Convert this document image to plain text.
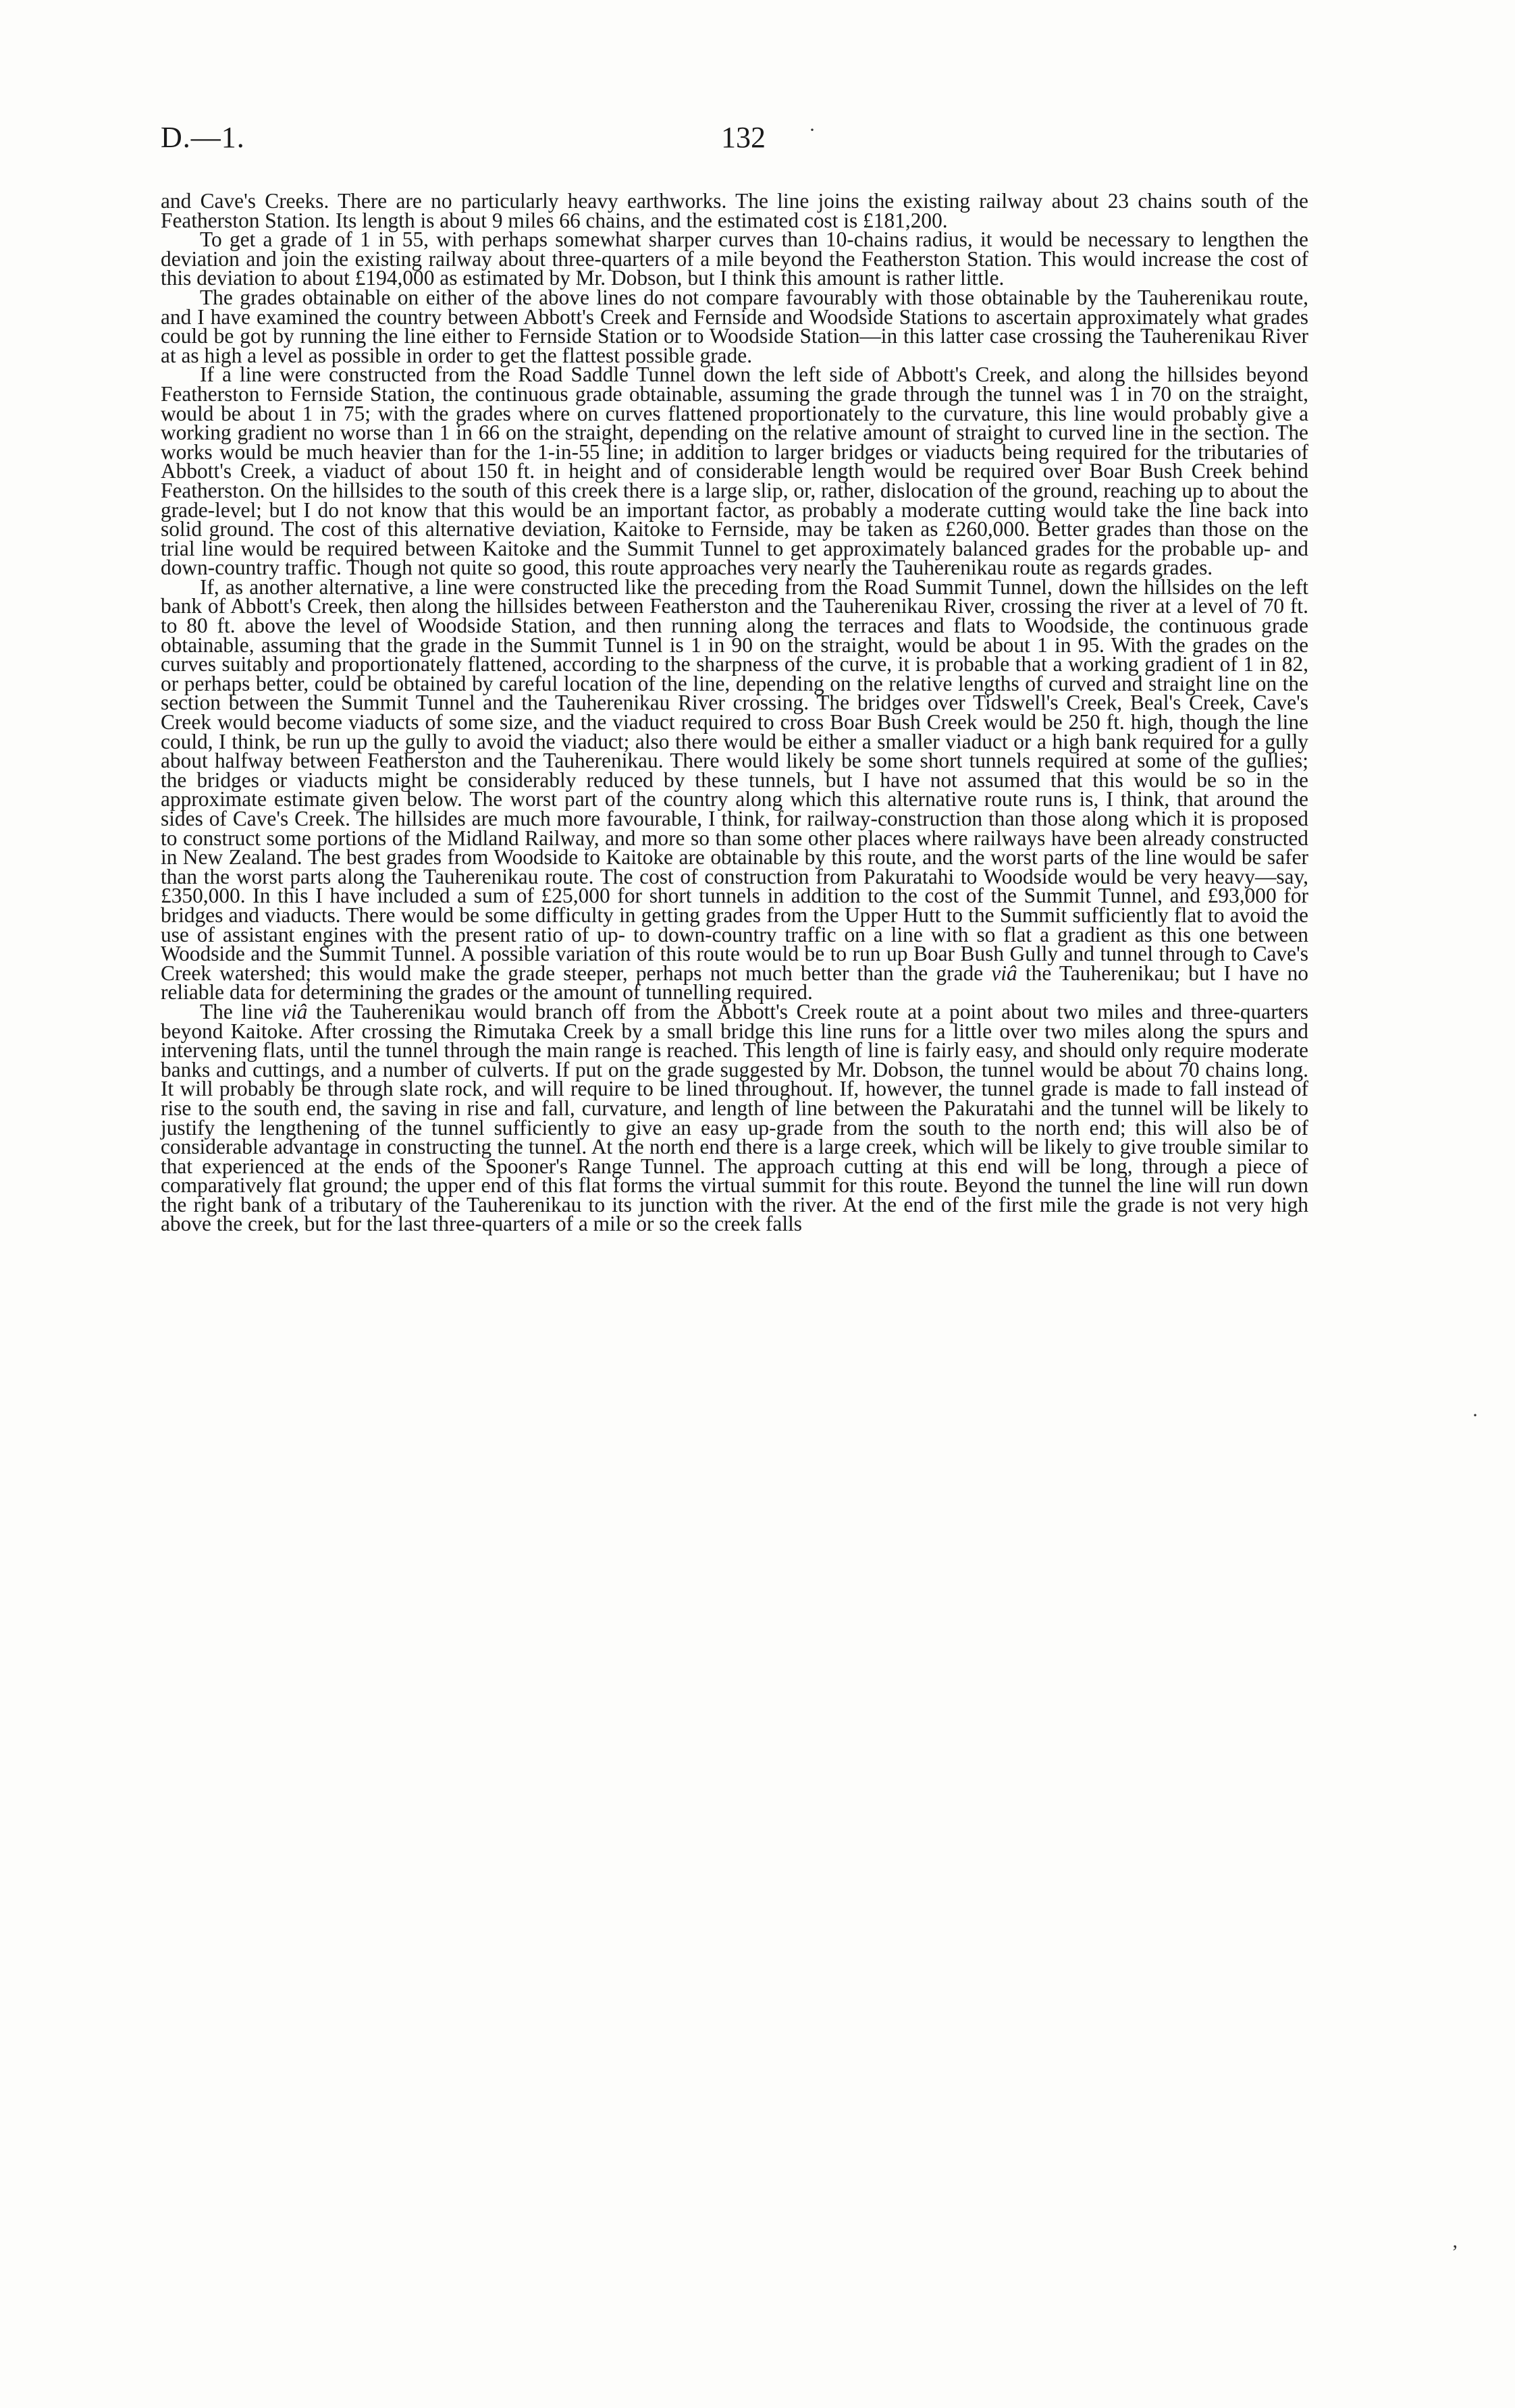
D.—1.	132 ·
·
ʼ

and Cave's Creeks. There are no particularly heavy earthworks. The line joins the existing railway about 23 chains south of the Featherston Station. Its length is about 9 miles 66 chains, and the estimated cost is £181,200.

To get a grade of 1 in 55, with perhaps somewhat sharper curves than 10-chains radius, it would be necessary to lengthen the deviation and join the existing railway about three-quarters of a mile beyond the Featherston Station. This would increase the cost of this deviation to about £194,000 as estimated by Mr. Dobson, but I think this amount is rather little.

The grades obtainable on either of the above lines do not compare favourably with those obtainable by the Tauherenikau route, and I have examined the country between Abbott's Creek and Fernside and Woodside Stations to ascertain approximately what grades could be got by running the line either to Fernside Station or to Woodside Station—in this latter case crossing the Tauherenikau River at as high a level as possible in order to get the flattest possible grade.

If a line were constructed from the Road Saddle Tunnel down the left side of Abbott's Creek, and along the hillsides beyond Featherston to Fernside Station, the continuous grade obtainable, assuming the grade through the tunnel was 1 in 70 on the straight, would be about 1 in 75; with the grades where on curves flattened proportionately to the curvature, this line would probably give a working gradient no worse than 1 in 66 on the straight, depending on the relative amount of straight to curved line in the section. The works would be much heavier than for the 1-in-55 line; in addition to larger bridges or viaducts being required for the tributaries of Abbott's Creek, a viaduct of about 150 ft. in height and of considerable length would be required over Boar Bush Creek behind Featherston. On the hillsides to the south of this creek there is a large slip, or, rather, dislocation of the ground, reaching up to about the grade-level; but I do not know that this would be an important factor, as probably a moderate cutting would take the line back into solid ground. The cost of this alternative deviation, Kaitoke to Fernside, may be taken as £260,000. Better grades than those on the trial line would be required between Kaitoke and the Summit Tunnel to get approximately balanced grades for the probable up- and down-country traffic. Though not quite so good, this route approaches very nearly the Tauherenikau route as regards grades.

If, as another alternative, a line were constructed like the preceding from the Road Summit Tunnel, down the hillsides on the left bank of Abbott's Creek, then along the hillsides between Featherston and the Tauherenikau River, crossing the river at a level of 70 ft. to 80 ft. above the level of Woodside Station, and then running along the terraces and flats to Woodside, the continuous grade obtainable, assuming that the grade in the Summit Tunnel is 1 in 90 on the straight, would be about 1 in 95. With the grades on the curves suitably and proportionately flattened, according to the sharpness of the curve, it is probable that a working gradient of 1 in 82, or perhaps better, could be obtained by careful location of the line, depending on the relative lengths of curved and straight line on the section between the Summit Tunnel and the Tauherenikau River crossing. The bridges over Tidswell's Creek, Beal's Creek, Cave's Creek would become viaducts of some size, and the viaduct required to cross Boar Bush Creek would be 250 ft. high, though the line could, I think, be run up the gully to avoid the viaduct; also there would be either a smaller viaduct or a high bank required for a gully about halfway between Featherston and the Tauherenikau. There would likely be some short tunnels required at some of the gullies; the bridges or viaducts might be considerably reduced by these tunnels, but I have not assumed that this would be so in the approximate estimate given below. The worst part of the country along which this alternative route runs is, I think, that around the sides of Cave's Creek. The hillsides are much more favourable, I think, for railway-construction than those along which it is proposed to construct some portions of the Midland Railway, and more so than some other places where railways have been already constructed in New Zealand. The best grades from Woodside to Kaitoke are obtainable by this route, and the worst parts of the line would be safer than the worst parts along the Tauherenikau route. The cost of construction from Pakuratahi to Woodside would be very heavy—say, £350,000. In this I have included a sum of £25,000 for short tunnels in addition to the cost of the Summit Tunnel, and £93,000 for bridges and viaducts. There would be some difficulty in getting grades from the Upper Hutt to the Summit sufficiently flat to avoid the use of assistant engines with the present ratio of up- to down-country traffic on a line with so flat a gradient as this one between Woodside and the Summit Tunnel. A possible variation of this route would be to run up Boar Bush Gully and tunnel through to Cave's Creek watershed; this would make the grade steeper, perhaps not much better than the grade viâ the Tauherenikau; but I have no reliable data for determining the grades or the amount of tunnelling required.

The line viâ the Tauherenikau would branch off from the Abbott's Creek route at a point about two miles and three-quarters beyond Kaitoke. After crossing the Rimutaka Creek by a small bridge this line runs for a little over two miles along the spurs and intervening flats, until the tunnel through the main range is reached. This length of line is fairly easy, and should only require moderate banks and cuttings, and a number of culverts. If put on the grade suggested by Mr. Dobson, the tunnel would be about 70 chains long. It will probably be through slate rock, and will require to be lined throughout. If, however, the tunnel grade is made to fall instead of rise to the south end, the saving in rise and fall, curvature, and length of line between the Pakuratahi and the tunnel will be likely to justify the lengthening of the tunnel sufficiently to give an easy up-grade from the south to the north end; this will also be of considerable advantage in constructing the tunnel. At the north end there is a large creek, which will be likely to give trouble similar to that experienced at the ends of the Spooner's Range Tunnel. The approach cutting at this end will be long, through a piece of comparatively flat ground; the upper end of this flat forms the virtual summit for this route. Beyond the tunnel the line will run down the right bank of a tributary of the Tauherenikau to its junction with the river. At the end of the first mile the grade is not very high above the creek, but for the last three-quarters of a mile or so the creek falls
